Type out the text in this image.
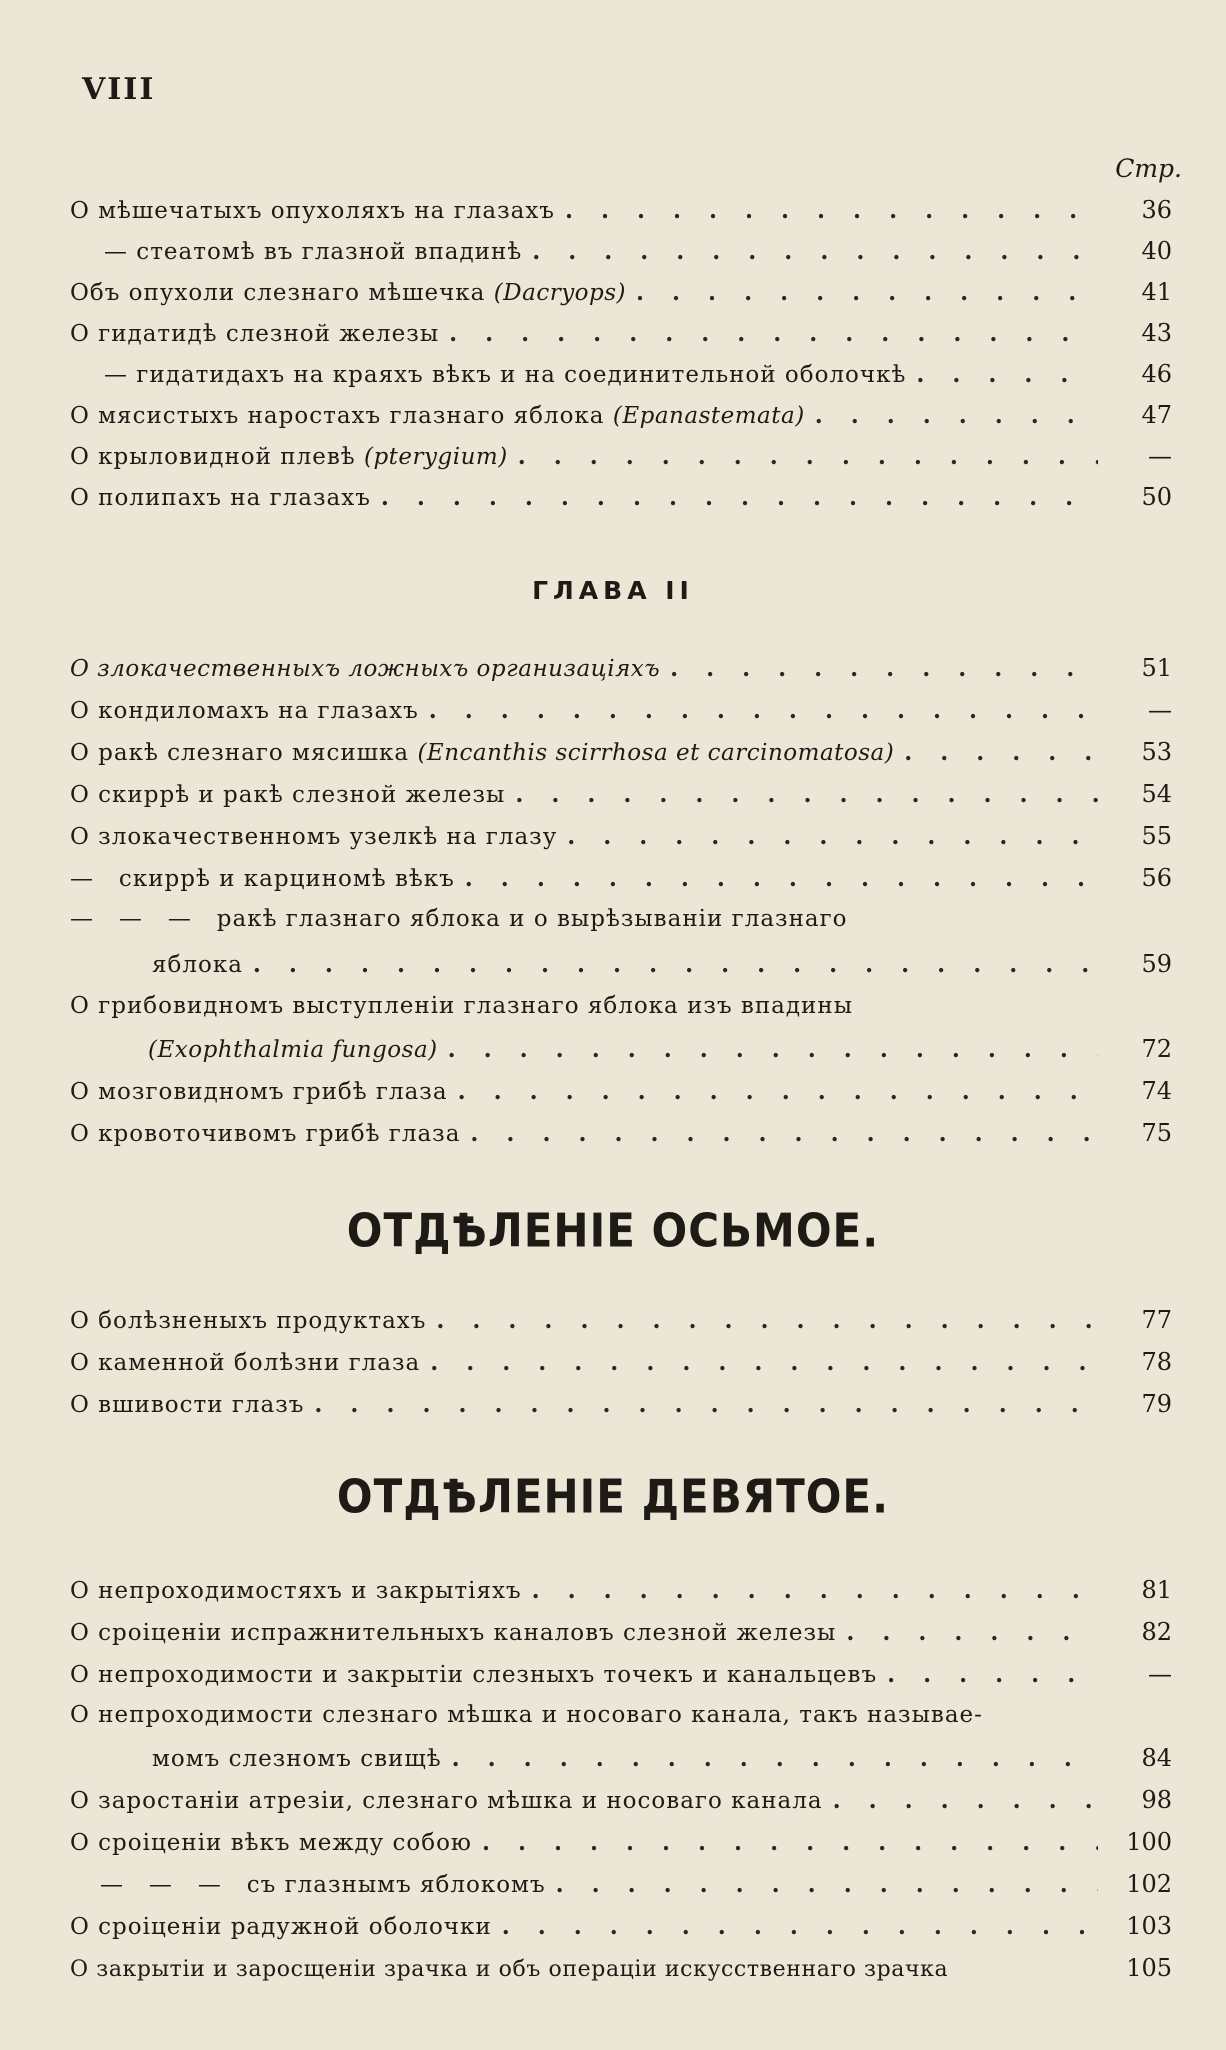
VIII
Стр.
О мѣшечатыхъ опухоляхъ на глазахъ . . .	36
— стеатомѣ въ глазной впадинѣ . . .	40
Объ опухоли слезнаго мѣшечка (Dacryops) . . .	41
О гидатидѣ слезной железы . . .	43
— гидатидахъ на краяхъ вѣкъ и на соединительной оболочкѣ . . .	46
О мясистыхъ наростахъ глазнаго яблока (Epanastemata) . . .	47
О крыловидной плевѣ (pterygium) . . .	—
О полипахъ на глазахъ . . .	50
ГЛАВА II
О злокачественныхъ ложныхъ организаціяхъ . . .	51
О кондиломахъ на глазахъ . . .	—
О ракѣ слезнаго мясишка (Encanthis scirrhosa et carcinomatosa) . . .	53
О скиррѣ и ракѣ слезной железы . . .	54
О злокачественномъ узелкѣ на глазу . . .	55
—   скиррѣ и карциномѣ вѣкъ . . .	56
—   —   —   ракѣ глазнаго яблока и о вырѣзываніи глазнаго
яблока . . .	59
О грибовидномъ выступленіи глазнаго яблока изъ впадины
(Exophthalmia fungosa) . . .	72
О мозговидномъ грибѣ глаза . . .	74
О кровоточивомъ грибѣ глаза . . .	75
ОТДѢЛЕНІЕ ОСЬМОЕ.
О болѣзненыхъ продуктахъ . . .	77
О каменной болѣзни глаза . . .	78
О вшивости глазъ . . .	79
ОТДѢЛЕНІЕ ДЕВЯТОЕ.
О непроходимостяхъ и закрытіяхъ . . .	81
О сроіценіи испражнительныхъ каналовъ слезной железы . . .	82
О непроходимости и закрытіи слезныхъ точекъ и канальцевъ . . .	—
О непроходимости слезнаго мѣшка и носоваго канала, такъ называе-
момъ слезномъ свищѣ . . .	84
О заростаніи атрезіи, слезнаго мѣшка и носоваго канала . . .	98
О сроіценіи вѣкъ между собою . . .	100
—   —   —   съ глазнымъ яблокомъ . . .	102
О сроіценіи радужной оболочки . . .	103
О закрытіи и заросщеніи зрачка и объ операціи искусственнаго зрачка	105
